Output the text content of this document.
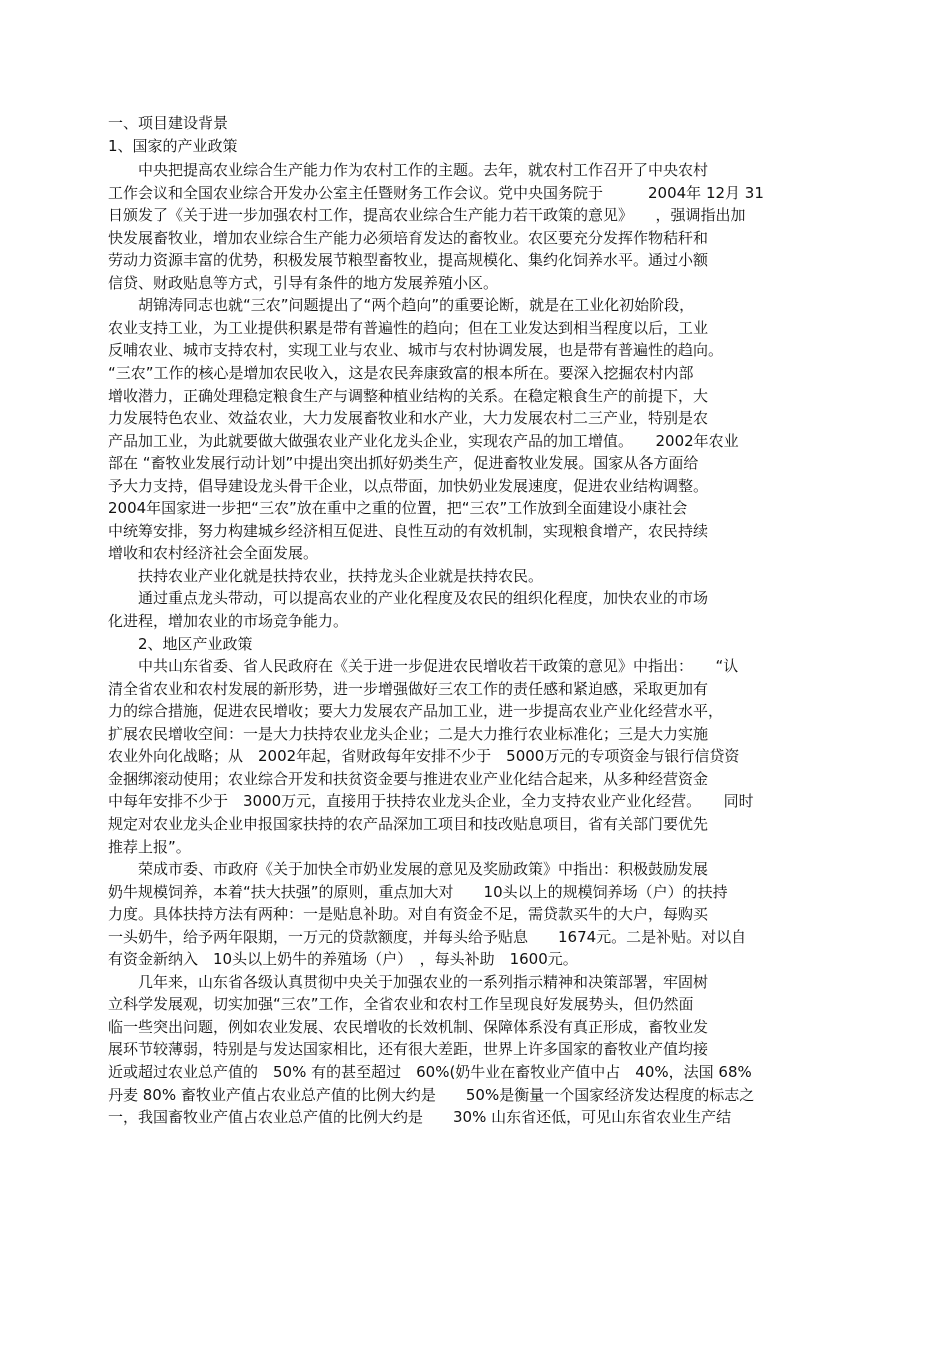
一、项目建设背景
1、国家的产业政策
　　中央把提高农业综合生产能力作为农村工作的主题。去年，就农村工作召开了中央农村
工作会议和全国农业综合开发办公室主任暨财务工作会议。党中央国务院于　　　2004年 12月 31
日颁发了《关于进一步加强农村工作，提高农业综合生产能力若干政策的意见》　　，强调指出加
快发展畜牧业，增加农业综合生产能力必须培育发达的畜牧业。农区要充分发挥作物秸秆和
劳动力资源丰富的优势，积极发展节粮型畜牧业，提高规模化、集约化饲养水平。通过小额
信贷、财政贴息等方式，引导有条件的地方发展养殖小区。
　　胡锦涛同志也就“三农”问题提出了“两个趋向”的重要论断，就是在工业化初始阶段，
农业支持工业，为工业提供积累是带有普遍性的趋向；但在工业发达到相当程度以后，工业
反哺农业、城市支持农村，实现工业与农业、城市与农村协调发展，也是带有普遍性的趋向。
“三农”工作的核心是增加农民收入，这是农民奔康致富的根本所在。要深入挖掘农村内部
增收潜力，正确处理稳定粮食生产与调整种植业结构的关系。在稳定粮食生产的前提下，大
力发展特色农业、效益农业，大力发展畜牧业和水产业，大力发展农村二三产业，特别是农
产品加工业，为此就要做大做强农业产业化龙头企业，实现农产品的加工增值。　　2002年农业
部在 “畜牧业发展行动计划”中提出突出抓好奶类生产，促进畜牧业发展。国家从各方面给
予大力支持，倡导建设龙头骨干企业，以点带面，加快奶业发展速度，促进农业结构调整。
2004年国家进一步把“三农”放在重中之重的位置，把“三农”工作放到全面建设小康社会
中统筹安排，努力构建城乡经济相互促进、良性互动的有效机制，实现粮食增产，农民持续
增收和农村经济社会全面发展。
　　扶持农业产业化就是扶持农业，扶持龙头企业就是扶持农民。
　　通过重点龙头带动，可以提高农业的产业化程度及农民的组织化程度，加快农业的市场
化进程，增加农业的市场竞争能力。
　　2、地区产业政策
　　中共山东省委、省人民政府在《关于进一步促进农民增收若干政策的意见》中指出：　　“认
清全省农业和农村发展的新形势，进一步增强做好三农工作的责任感和紧迫感，采取更加有
力的综合措施，促进农民增收；要大力发展农产品加工业，进一步提高农业产业化经营水平，
扩展农民增收空间：一是大力扶持农业龙头企业；二是大力推行农业标准化；三是大力实施
农业外向化战略；从　2002年起，省财政每年安排不少于　5000万元的专项资金与银行信贷资
金捆绑滚动使用；农业综合开发和扶贫资金要与推进农业产业化结合起来，从多种经营资金
中每年安排不少于　3000万元，直接用于扶持农业龙头企业，全力支持农业产业化经营。　　同时
规定对农业龙头企业申报国家扶持的农产品深加工项目和技改贴息项目，省有关部门要优先
推荐上报”。
　　荣成市委、市政府《关于加快全市奶业发展的意见及奖励政策》中指出：积极鼓励发展
奶牛规模饲养，本着“扶大扶强”的原则，重点加大对　　10头以上的规模饲养场（户）的扶持
力度。具体扶持方法有两种：一是贴息补助。对自有资金不足，需贷款买牛的大户，每购买
一头奶牛，给予两年限期，一万元的贷款额度，并每头给予贴息　　1674元。二是补贴。对以自
有资金新纳入　10头以上奶牛的养殖场（户）　，每头补助　1600元。
　　几年来，山东省各级认真贯彻中央关于加强农业的一系列指示精神和决策部署，牢固树
立科学发展观，切实加强“三农”工作，全省农业和农村工作呈现良好发展势头，但仍然面
临一些突出问题，例如农业发展、农民增收的长效机制、保障体系没有真正形成，畜牧业发
展环节较薄弱，特别是与发达国家相比，还有很大差距，世界上许多国家的畜牧业产值均接
近或超过农业总产值的　50% 有的甚至超过　60%(奶牛业在畜牧业产值中占　40%，法国 68%
丹麦 80% 畜牧业产值占农业总产值的比例大约是　　50%是衡量一个国家经济发达程度的标志之
一，我国畜牧业产值占农业总产值的比例大约是　　30% 山东省还低，可见山东省农业生产结
